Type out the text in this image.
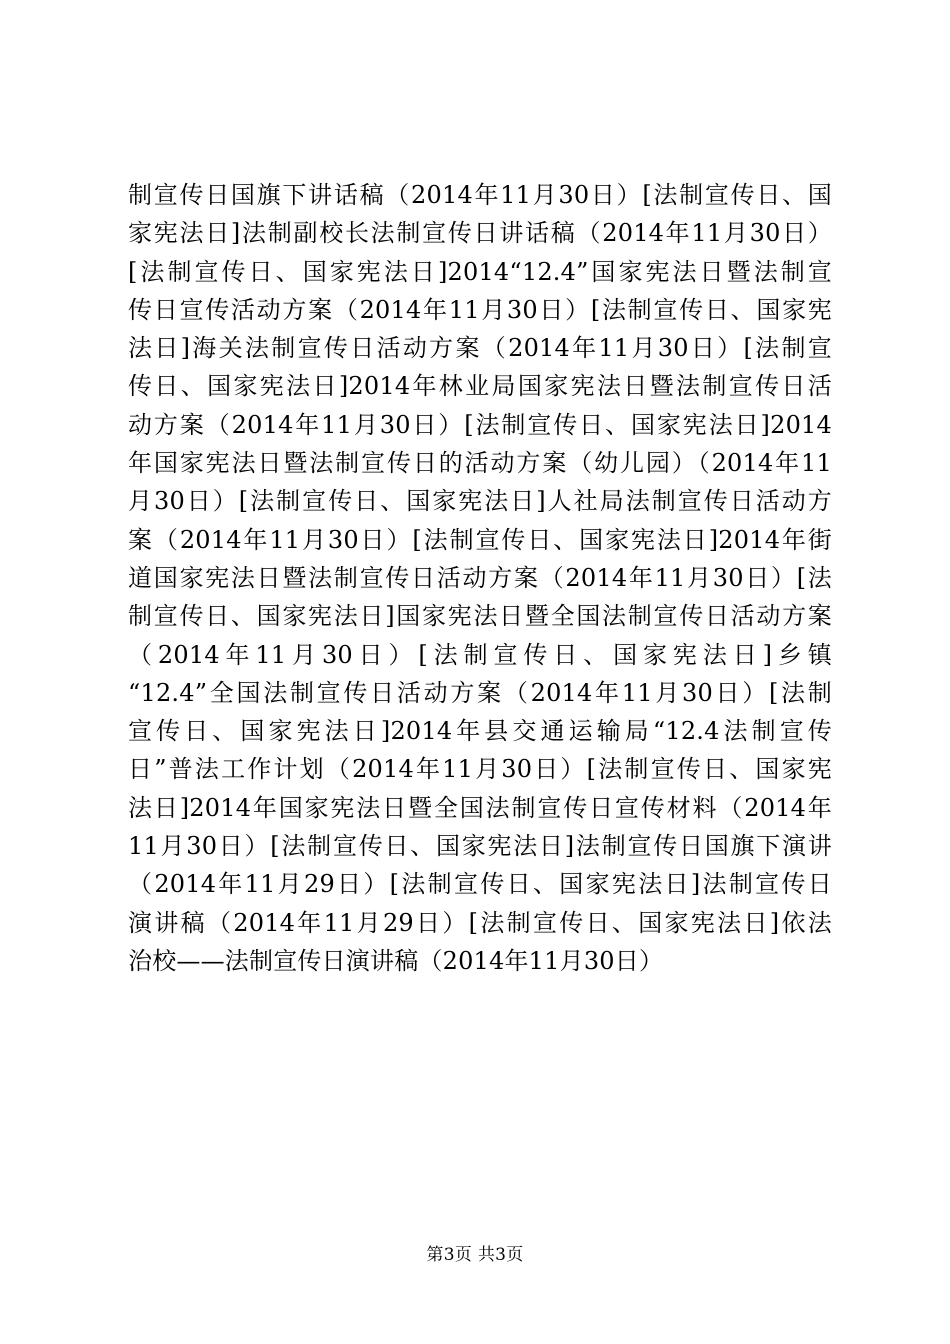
制宣传日国旗下讲话稿（2014年11月30日）[法制宣传日、国
家宪法日]法制副校长法制宣传日讲话稿（2014年11月30日）
[法制宣传日、国家宪法日]2014“12.4”国家宪法日暨法制宣
传日宣传活动方案（2014年11月30日）[法制宣传日、国家宪
法日]海关法制宣传日活动方案（2014年11月30日）[法制宣
传日、国家宪法日]2014年林业局国家宪法日暨法制宣传日活
动方案（2014年11月30日）[法制宣传日、国家宪法日]2014
年国家宪法日暨法制宣传日的活动方案（幼儿园）（2014年11
月30日）[法制宣传日、国家宪法日]人社局法制宣传日活动方
案（2014年11月30日）[法制宣传日、国家宪法日]2014年街
道国家宪法日暨法制宣传日活动方案（2014年11月30日）[法
制宣传日、国家宪法日]国家宪法日暨全国法制宣传日活动方案
（2014年11月30日）[法制宣传日、国家宪法日]乡镇
“12.4”全国法制宣传日活动方案（2014年11月30日）[法制
宣传日、国家宪法日]2014年县交通运输局“12.4法制宣传
日”普法工作计划（2014年11月30日）[法制宣传日、国家宪
法日]2014年国家宪法日暨全国法制宣传日宣传材料（2014年
11月30日）[法制宣传日、国家宪法日]法制宣传日国旗下演讲
（2014年11月29日）[法制宣传日、国家宪法日]法制宣传日
演讲稿（2014年11月29日）[法制宣传日、国家宪法日]依法
治校——法制宣传日演讲稿（2014年11月30日）
第3页 共3页
